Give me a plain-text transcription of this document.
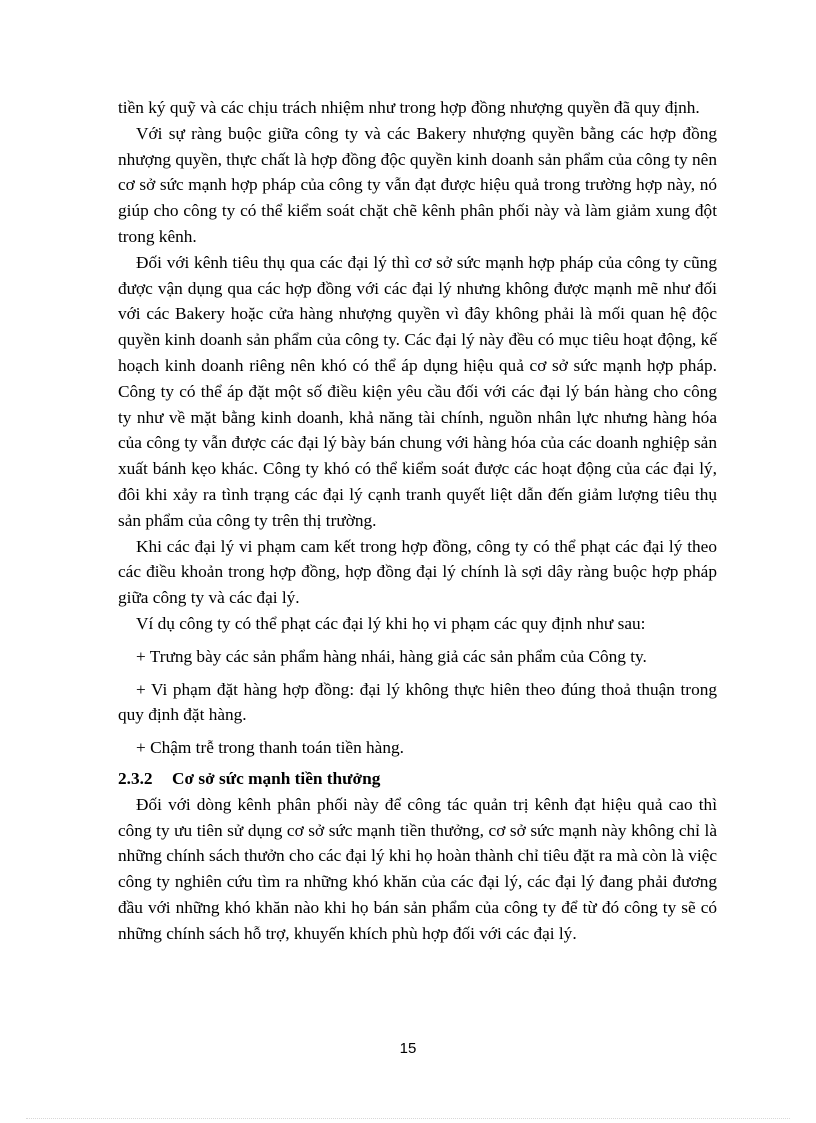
tiền ký quỹ và các chịu trách nhiệm như trong hợp đồng nhượng quyền đã quy định.

Với sự ràng buộc giữa công ty và các Bakery nhượng quyền bằng các hợp đồng nhượng quyền, thực chất là hợp đồng độc quyền kinh doanh sản phẩm của công ty nên cơ sở sức mạnh hợp pháp của công ty vẫn đạt được hiệu quả trong trường hợp này, nó giúp cho công ty có thể kiểm soát chặt chẽ kênh phân phối này và làm giảm xung đột trong kênh.

Đối với kênh tiêu thụ qua các đại lý thì cơ sở sức mạnh hợp pháp của công ty cũng được vận dụng qua các hợp đồng với các đại lý nhưng không được mạnh mẽ như đối với các Bakery hoặc cửa hàng nhượng quyền vì đây không phải là mối quan hệ độc quyền kinh doanh sản phẩm của công ty. Các đại lý này đều có mục tiêu hoạt động, kế hoạch kinh doanh riêng nên khó có thể áp dụng hiệu quả cơ sở sức mạnh hợp pháp. Công ty có thể áp đặt một số điều kiện yêu cầu đối với các đại lý bán hàng cho công ty như về mặt bằng kinh doanh, khả năng tài chính, nguồn nhân lực nhưng hàng hóa của công ty vẫn được các đại lý bày bán chung với hàng hóa của các doanh nghiệp sản xuất bánh kẹo khác. Công ty khó có thể kiểm soát được các hoạt động của các đại lý, đôi khi xảy ra tình trạng các đại lý cạnh tranh quyết liệt dẫn đến giảm lượng tiêu thụ sản phẩm của công ty trên thị trường.

Khi các đại lý vi phạm cam kết trong hợp đồng, công ty có thể phạt các đại lý theo các điều khoản trong hợp đồng, hợp đồng đại lý chính là sợi dây ràng buộc hợp pháp giữa công ty và các đại lý.

Ví dụ công ty có thể phạt các đại lý khi họ vi phạm các quy định như sau:

+ Trưng bày các sản phẩm hàng nhái, hàng giả các sản phẩm của Công ty.

+ Vi phạm đặt hàng hợp đồng: đại lý không thực hiên theo đúng thoả thuận trong quy định đặt hàng.

+ Chậm trễ trong thanh toán tiền hàng.

2.3.2 Cơ sở sức mạnh tiền thưởng

Đối với dòng kênh phân phối này để công tác quản trị kênh đạt hiệu quả cao thì công ty ưu tiên sử dụng cơ sở sức mạnh tiền thưởng, cơ sở sức mạnh này không chỉ là những chính sách thưởn cho các đại lý khi họ hoàn thành chỉ tiêu đặt ra mà còn là việc công ty nghiên cứu tìm ra những khó khăn của các đại lý, các đại lý đang phải đương đầu với những khó khăn nào khi họ bán sản phẩm của công ty để từ đó công ty sẽ có những chính sách hỗ trợ, khuyến khích phù hợp đối với các đại lý.

15
